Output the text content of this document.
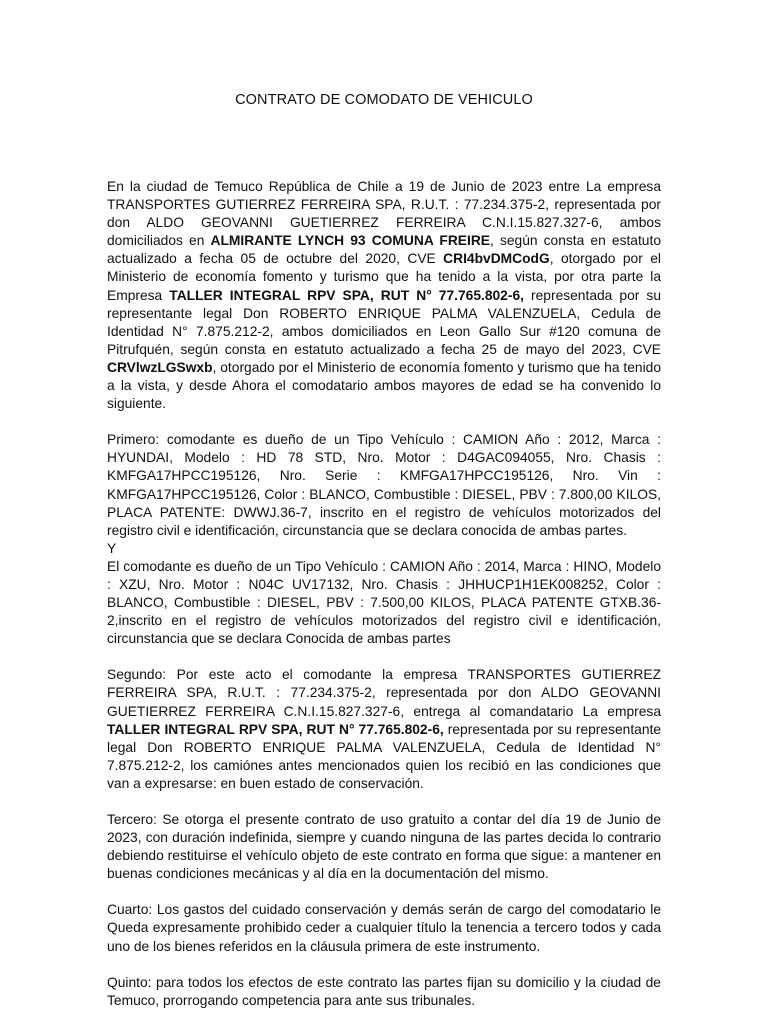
CONTRATO DE COMODATO DE VEHICULO

En la ciudad de Temuco República de Chile a 19 de Junio de 2023 entre La empresa TRANSPORTES GUTIERREZ FERREIRA SPA, R.U.T. : 77.234.375-2, representada por don ALDO GEOVANNI GUETIERREZ FERREIRA C.N.I.15.827.327-6, ambos domiciliados en ALMIRANTE LYNCH 93 COMUNA FREIRE, según consta en estatuto actualizado a fecha 05 de octubre del 2020, CVE CRI4bvDMCodG, otorgado por el Ministerio de economía fomento y turismo que ha tenido a la vista, por otra parte la Empresa TALLER INTEGRAL RPV SPA, RUT N° 77.765.802-6, representada por su representante legal Don ROBERTO ENRIQUE PALMA VALENZUELA, Cedula de Identidad N° 7.875.212-2, ambos domiciliados en Leon Gallo Sur #120 comuna de Pitrufquén, según consta en estatuto actualizado a fecha 25 de mayo del 2023, CVE CRVlwzLGSwxb, otorgado por el Ministerio de economía fomento y turismo que ha tenido a la vista, y desde Ahora el comodatario ambos mayores de edad se ha convenido lo siguiente.

Primero: comodante es dueño de un Tipo Vehículo : CAMION Año : 2012, Marca : HYUNDAI, Modelo : HD 78 STD, Nro. Motor : D4GAC094055, Nro. Chasis : KMFGA17HPCC195126, Nro. Serie : KMFGA17HPCC195126, Nro. Vin : KMFGA17HPCC195126, Color : BLANCO, Combustible : DIESEL, PBV : 7.800,00 KILOS, PLACA PATENTE: DWWJ.36-7, inscrito en el registro de vehículos motorizados del registro civil e identificación, circunstancia que se declara conocida de ambas partes.

Y

El comodante es dueño de un Tipo Vehículo : CAMION Año : 2014, Marca : HINO, Modelo : XZU, Nro. Motor : N04C UV17132, Nro. Chasis : JHHUCP1H1EK008252, Color : BLANCO, Combustible : DIESEL, PBV : 7.500,00 KILOS, PLACA PATENTE GTXB.36-2,inscrito en el registro de vehículos motorizados del registro civil e identificación, circunstancia que se declara Conocida de ambas partes

Segundo: Por este acto el comodante la empresa TRANSPORTES GUTIERREZ FERREIRA SPA, R.U.T. : 77.234.375-2, representada por don ALDO GEOVANNI GUETIERREZ FERREIRA C.N.I.15.827.327-6, entrega al comandatario La empresa TALLER INTEGRAL RPV SPA, RUT N° 77.765.802-6, representada por su representante legal Don ROBERTO ENRIQUE PALMA VALENZUELA, Cedula de Identidad N° 7.875.212-2, los camiónes antes mencionados quien los recibió en las condiciones que van a expresarse: en buen estado de conservación.

Tercero: Se otorga el presente contrato de uso gratuito a contar del día 19 de Junio de 2023, con duración indefinida, siempre y cuando ninguna de las partes decida lo contrario debiendo restituirse el vehículo objeto de este contrato en forma que sigue: a mantener en buenas condiciones mecánicas y al día en la documentación del mismo.

Cuarto: Los gastos del cuidado conservación y demás serán de cargo del comodatario le Queda expresamente prohibido ceder a cualquier título la tenencia a tercero todos y cada uno de los bienes referidos en la cláusula primera de este instrumento.

Quinto: para todos los efectos de este contrato las partes fijan su domicilio y la ciudad de Temuco, prorrogando competencia para ante sus tribunales.
